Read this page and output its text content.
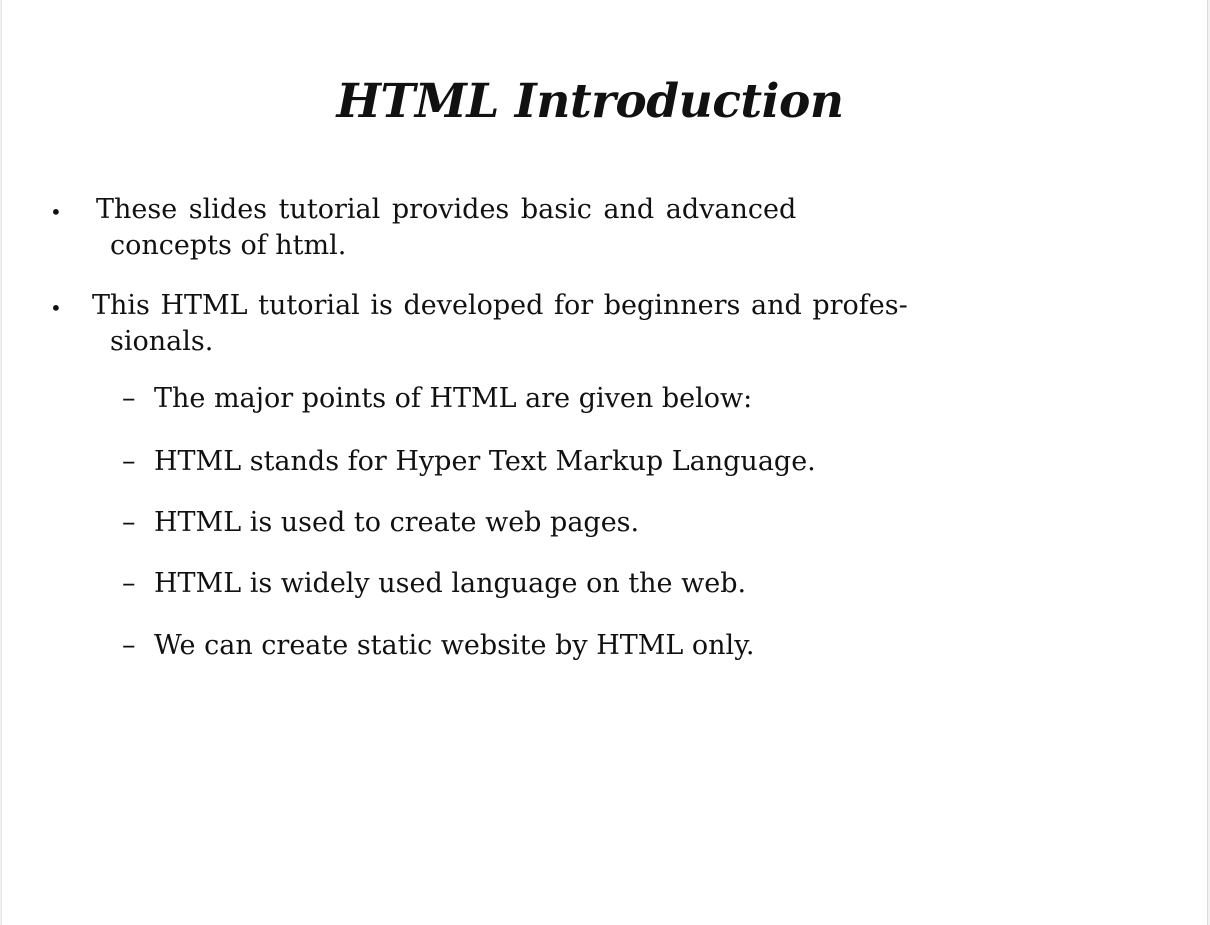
HTML Introduction
• These slides tutorial provides basic and advanced
concepts of html.
• This HTML tutorial is developed for beginners and profes-
sionals.
– The major points of HTML are given below:
– HTML stands for Hyper Text Markup Language.
– HTML is used to create web pages.
– HTML is widely used language on the web.
– We can create static website by HTML only.
